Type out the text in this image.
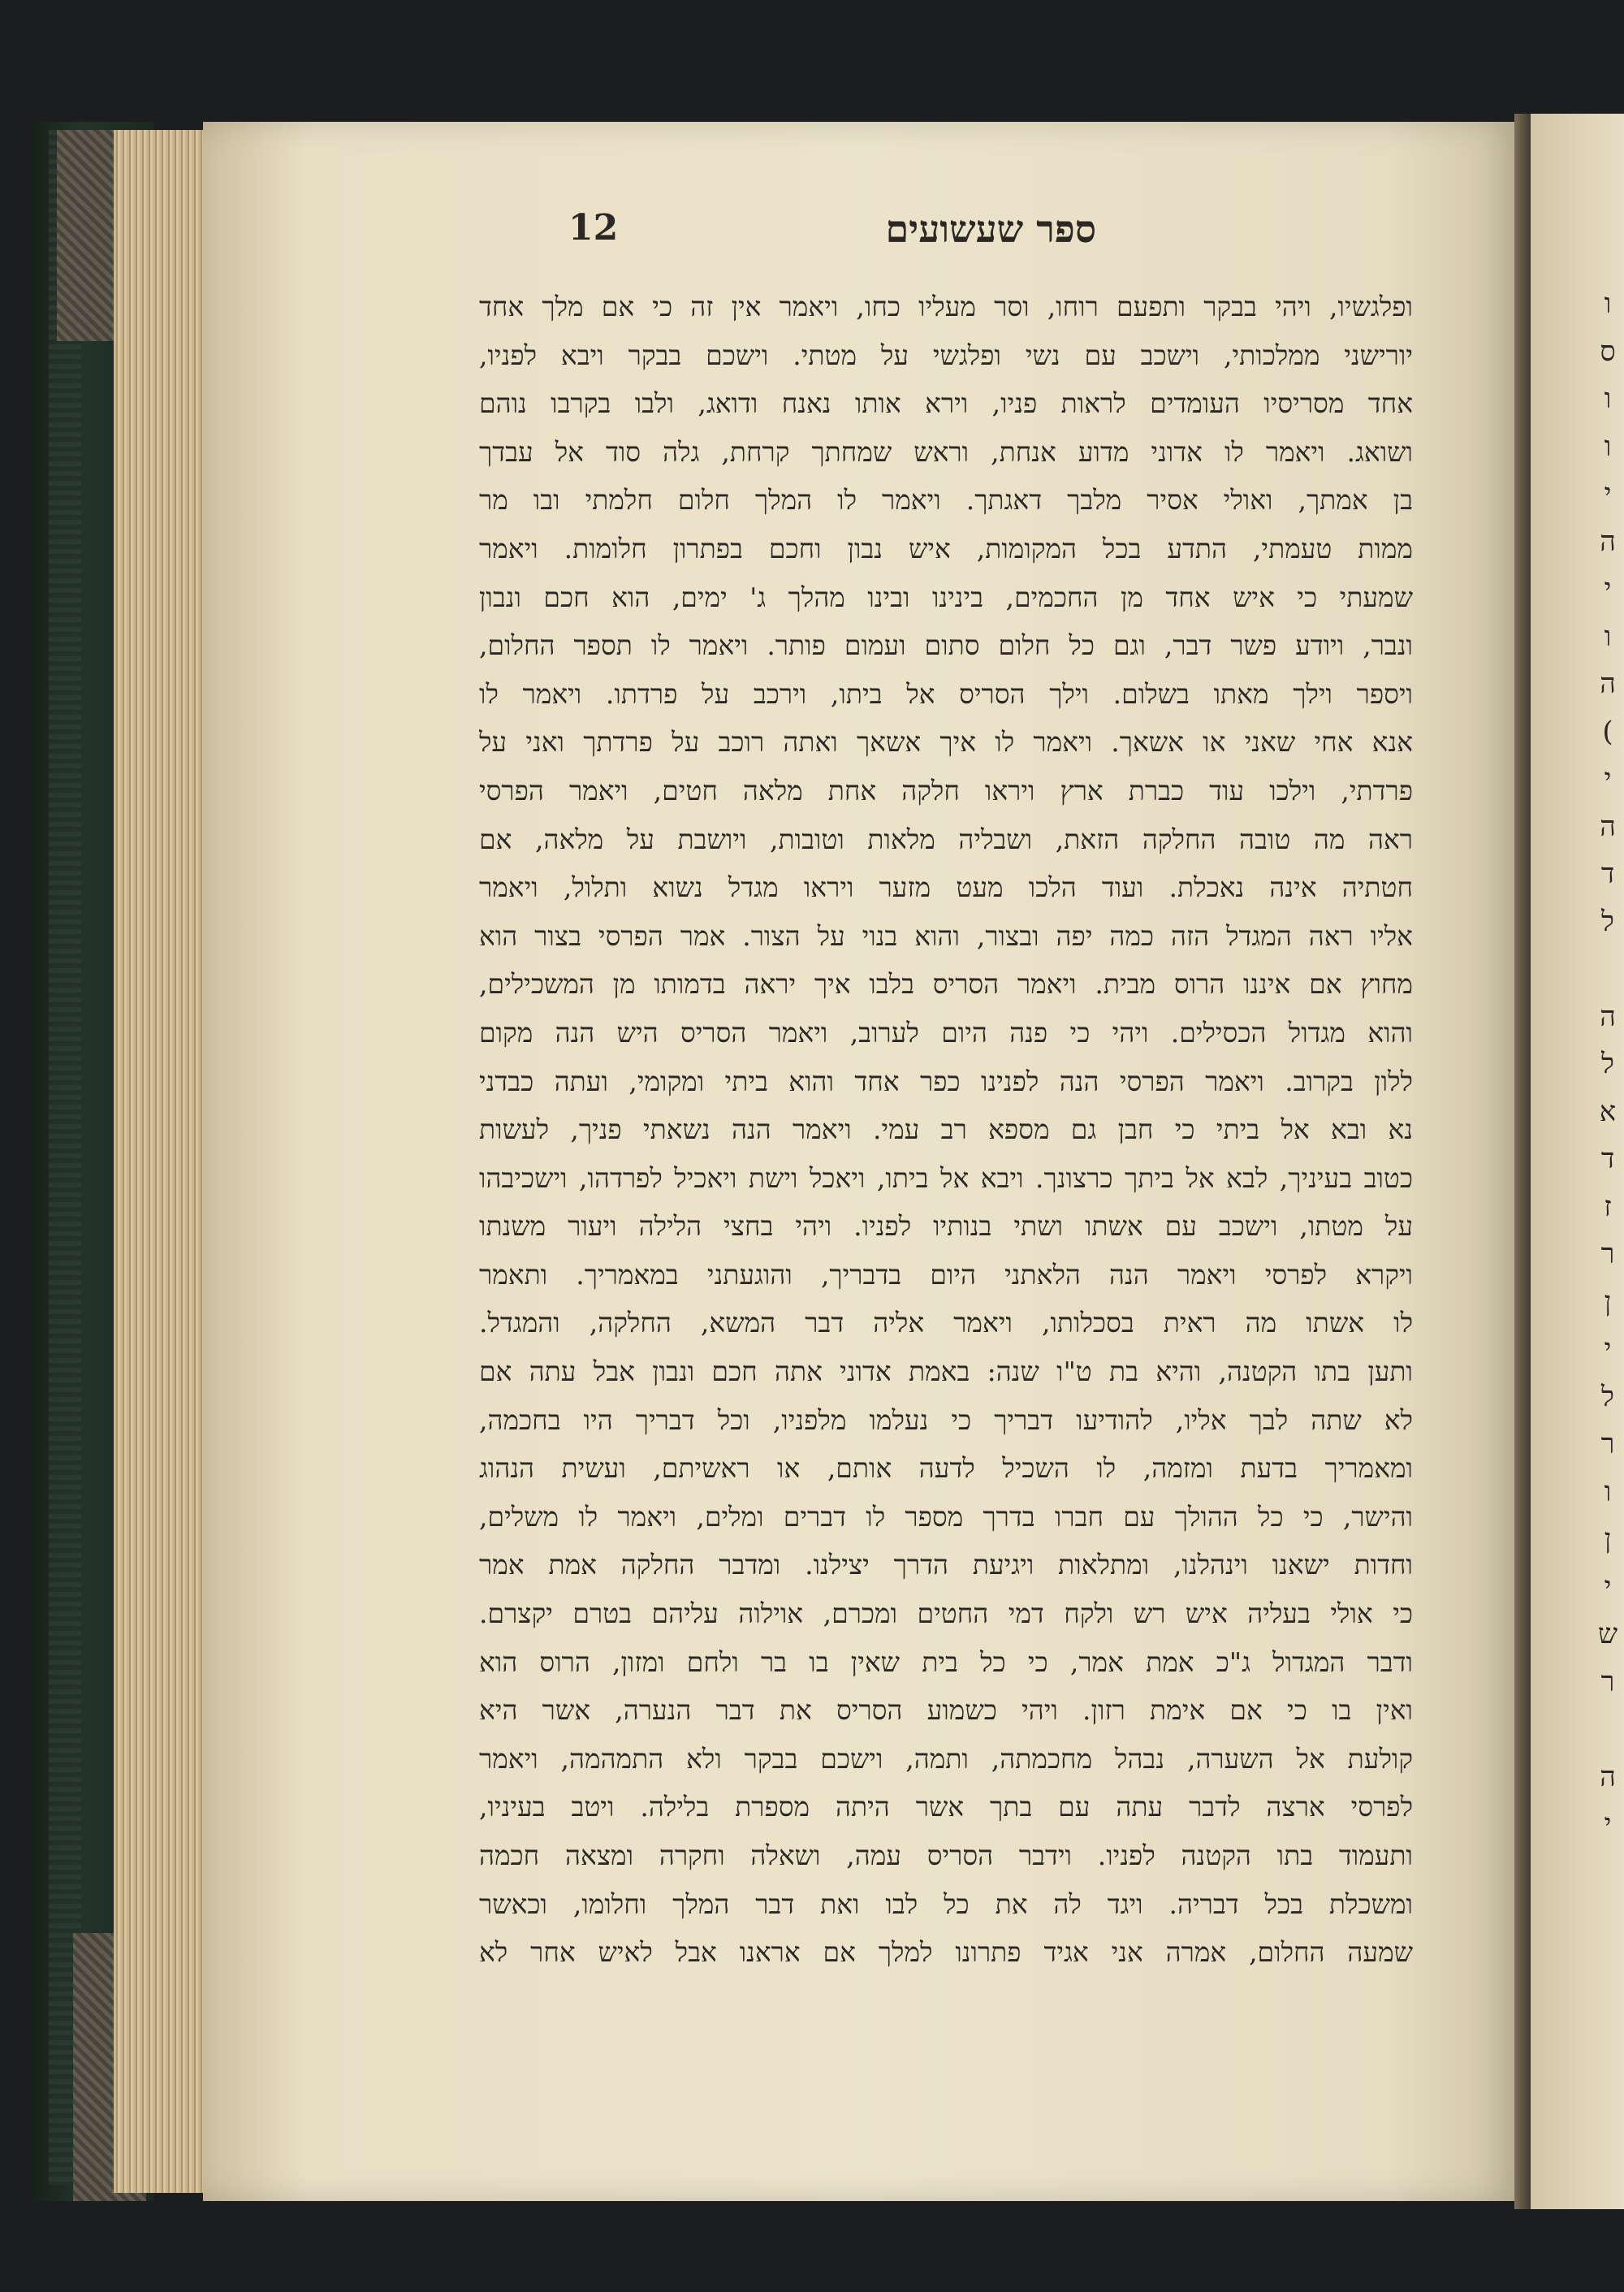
ו
ס
ו
ו
י
ה
י
ו
ה
(
י
ה
ד
ל
ה
ל
א
ד
ז
ר
ן
י
ל
ר
ו
ן
י
ש
ר
ה
י
12	ספר שעשועים
ופלגשיו, ויהי בבקר ותפעם רוחו, וסר מעליו כחו, ויאמר אין זה כי אם מלך אחד
יורישני ממלכותי, וישכב עם נשי ופלגשי על מטתי. וישכם בבקר ויבא לפניו,
אחד מסריסיו העומדים לראות פניו, וירא אותו נאנח ודואג, ולבו בקרבו נוהם
ושואג. ויאמר לו אדוני מדוע אנחת, וראש שמחתך קרחת, גלה סוד אל עבדך
בן אמתך, ואולי אסיר מלבך דאגתך. ויאמר לו המלך חלום חלמתי ובו מר
ממות טעמתי, התדע בכל המקומות, איש נבון וחכם בפתרון חלומות. ויאמר
שמעתי כי איש אחד מן החכמים, בינינו ובינו מהלך ג' ימים, הוא חכם ונבון
ונבר, ויודע פשר דבר, וגם כל חלום סתום ועמום פותר. ויאמר לו תספר החלום,
ויספר וילך מאתו בשלום. וילך הסריס אל ביתו, וירכב על פרדתו. ויאמר לו
אנא אחי שאני או אשאך. ויאמר לו איך אשאך ואתה רוכב על פרדתך ואני על
פרדתי, וילכו עוד כברת ארץ ויראו חלקה אחת מלאה חטים, ויאמר הפרסי
ראה מה טובה החלקה הזאת, ושבליה מלאות וטובות, ויושבת על מלאה, אם
חטתיה אינה נאכלת. ועוד הלכו מעט מזער ויראו מגדל נשוא ותלול, ויאמר
אליו ראה המגדל הזה כמה יפה ובצור, והוא בנוי על הצור. אמר הפרסי בצור הוא
מחוץ אם איננו הרוס מבית. ויאמר הסריס בלבו איך יראה בדמותו מן המשכילים,
והוא מגדול הכסילים. ויהי כי פנה היום לערוב, ויאמר הסריס היש הנה מקום
ללון בקרוב. ויאמר הפרסי הנה לפנינו כפר אחד והוא ביתי ומקומי, ועתה כבדני
נא ובא אל ביתי כי חבן גם מספא רב עמי. ויאמר הנה נשאתי פניך, לעשות
כטוב בעיניך, לבא אל ביתך כרצונך. ויבא אל ביתו, ויאכל וישת ויאכיל לפרדהו, וישכיבהו
על מטתו, וישכב עם אשתו ושתי בנותיו לפניו. ויהי בחצי הלילה ויעור משנתו
ויקרא לפרסי ויאמר הנה הלאתני היום בדבריך, והוגעתני במאמריך. ותאמר
לו אשתו מה ראית בסכלותו, ויאמר אליה דבר המשא, החלקה, והמגדל.
ותען בתו הקטנה, והיא בת ט"ו שנה: באמת אדוני אתה חכם ונבון אבל עתה אם
לא שתה לבך אליו, להודיעו דבריך כי נעלמו מלפניו, וכל דבריך היו בחכמה,
ומאמריך בדעת ומזמה, לו השכיל לדעה אותם, או ראשיתם, ועשית הנהוג
והישר, כי כל ההולך עם חברו בדרך מספר לו דברים ומלים, ויאמר לו משלים,
וחדות ישאנו וינהלנו, ומתלאות ויגיעת הדרך יצילנו. ומדבר החלקה אמת אמר
כי אולי בעליה איש רש ולקח דמי החטים ומכרם, אוילוה עליהם בטרם יקצרם.
ודבר המגדול ג"כ אמת אמר, כי כל בית שאין בו בר ולחם ומזון, הרוס הוא
ואין בו כי אם אימת רזון. ויהי כשמוע הסריס את דבר הנערה, אשר היא
קולעת אל השערה, נבהל מחכמתה, ותמה, וישכם בבקר ולא התמהמה, ויאמר
לפרסי ארצה לדבר עתה עם בתך אשר היתה מספרת בלילה. ויטב בעיניו,
ותעמוד בתו הקטנה לפניו. וידבר הסריס עמה, ושאלה וחקרה ומצאה חכמה
ומשכלת בכל דבריה. ויגד לה את כל לבו ואת דבר המלך וחלומו, וכאשר
שמעה החלום, אמרה אני אגיד פתרונו למלך אם אראנו אבל לאיש אחר לא
